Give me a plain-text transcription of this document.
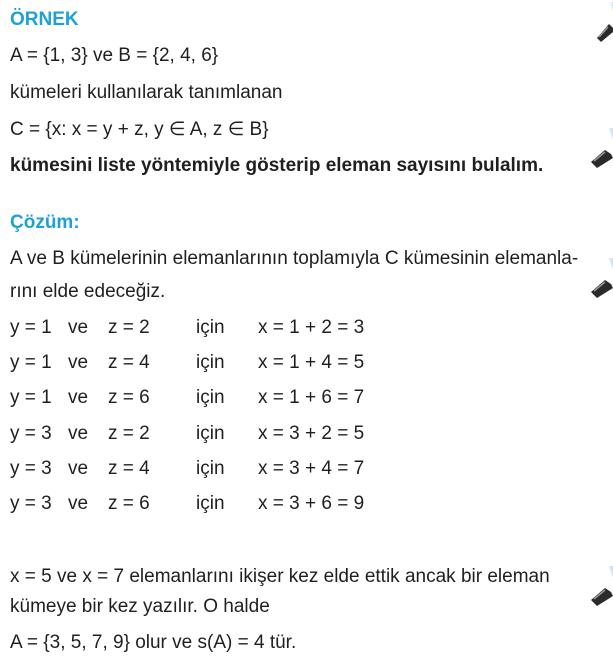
ÖRNEK
A = {1, 3} ve B = {2, 4, 6}
kümeleri kullanılarak tanımlanan
C = {x: x = y + z, y ∈ A, z ∈ B}
kümesini liste yöntemiyle gösterip eleman sayısını bulalım.
Çözüm:
A ve B kümelerinin elemanlarının toplamıyla C kümesinin elemanla-
rını elde edeceğiz.
y = 1 ve z = 2 için x = 1 + 2 = 3
y = 1 ve z = 4 için x = 1 + 4 = 5
y = 1 ve z = 6 için x = 1 + 6 = 7
y = 3 ve z = 2 için x = 3 + 2 = 5
y = 3 ve z = 4 için x = 3 + 4 = 7
y = 3 ve z = 6 için x = 3 + 6 = 9
x = 5 ve x = 7 elemanlarını ikişer kez elde ettik ancak bir eleman
kümeye bir kez yazılır. O halde
A = {3, 5, 7, 9} olur ve s(A) = 4 tür.
